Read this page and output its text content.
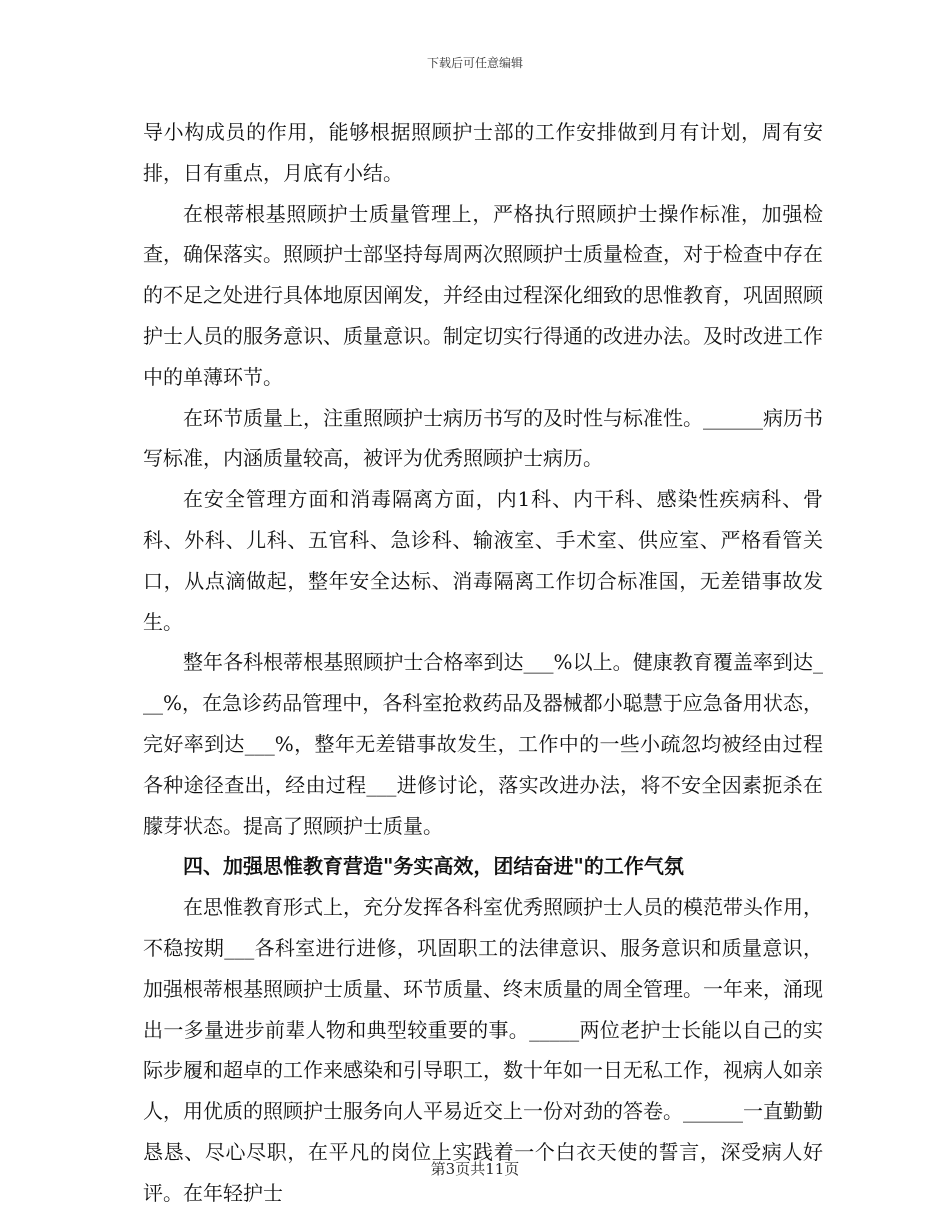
下载后可任意编辑

导小构成员的作用，能够根据照顾护士部的工作安排做到月有计划，周有安排，日有重点，月底有小结。

在根蒂根基照顾护士质量管理上，严格执行照顾护士操作标准，加强检查，确保落实。照顾护士部坚持每周两次照顾护士质量检查，对于检查中存在的不足之处进行具体地原因阐发，并经由过程深化细致的思惟教育，巩固照顾护士人员的服务意识、质量意识。制定切实行得通的改进办法。及时改进工作中的单薄环节。

在环节质量上，注重照顾护士病历书写的及时性与标准性。______病历书写标准，内涵质量较高，被评为优秀照顾护士病历。

在安全管理方面和消毒隔离方面，内1科、内干科、感染性疾病科、骨科、外科、儿科、五官科、急诊科、输液室、手术室、供应室、严格看管关口，从点滴做起，整年安全达标、消毒隔离工作切合标准国，无差错事故发生。

整年各科根蒂根基照顾护士合格率到达___%以上。健康教育覆盖率到达___%，在急诊药品管理中，各科室抢救药品及器械都小聪慧于应急备用状态，完好率到达___%，整年无差错事故发生，工作中的一些小疏忽均被经由过程各种途径查出，经由过程___进修讨论，落实改进办法，将不安全因素扼杀在朦芽状态。提高了照顾护士质量。

四、加强思惟教育营造"务实高效，团结奋进"的工作气氛

在思惟教育形式上，充分发挥各科室优秀照顾护士人员的模范带头作用，不稳按期___各科室进行进修，巩固职工的法律意识、服务意识和质量意识，加强根蒂根基照顾护士质量、环节质量、终末质量的周全管理。一年来，涌现出一多量进步前辈人物和典型较重要的事。_____两位老护士长能以自己的实际步履和超卓的工作来感染和引导职工，数十年如一日无私工作，视病人如亲人，用优质的照顾护士服务向人平易近交上一份对劲的答卷。______一直勤勤恳恳、尽心尽职，在平凡的岗位上实践着一个白衣天使的誓言，深受病人好评。在年轻护士

第3页共11页
